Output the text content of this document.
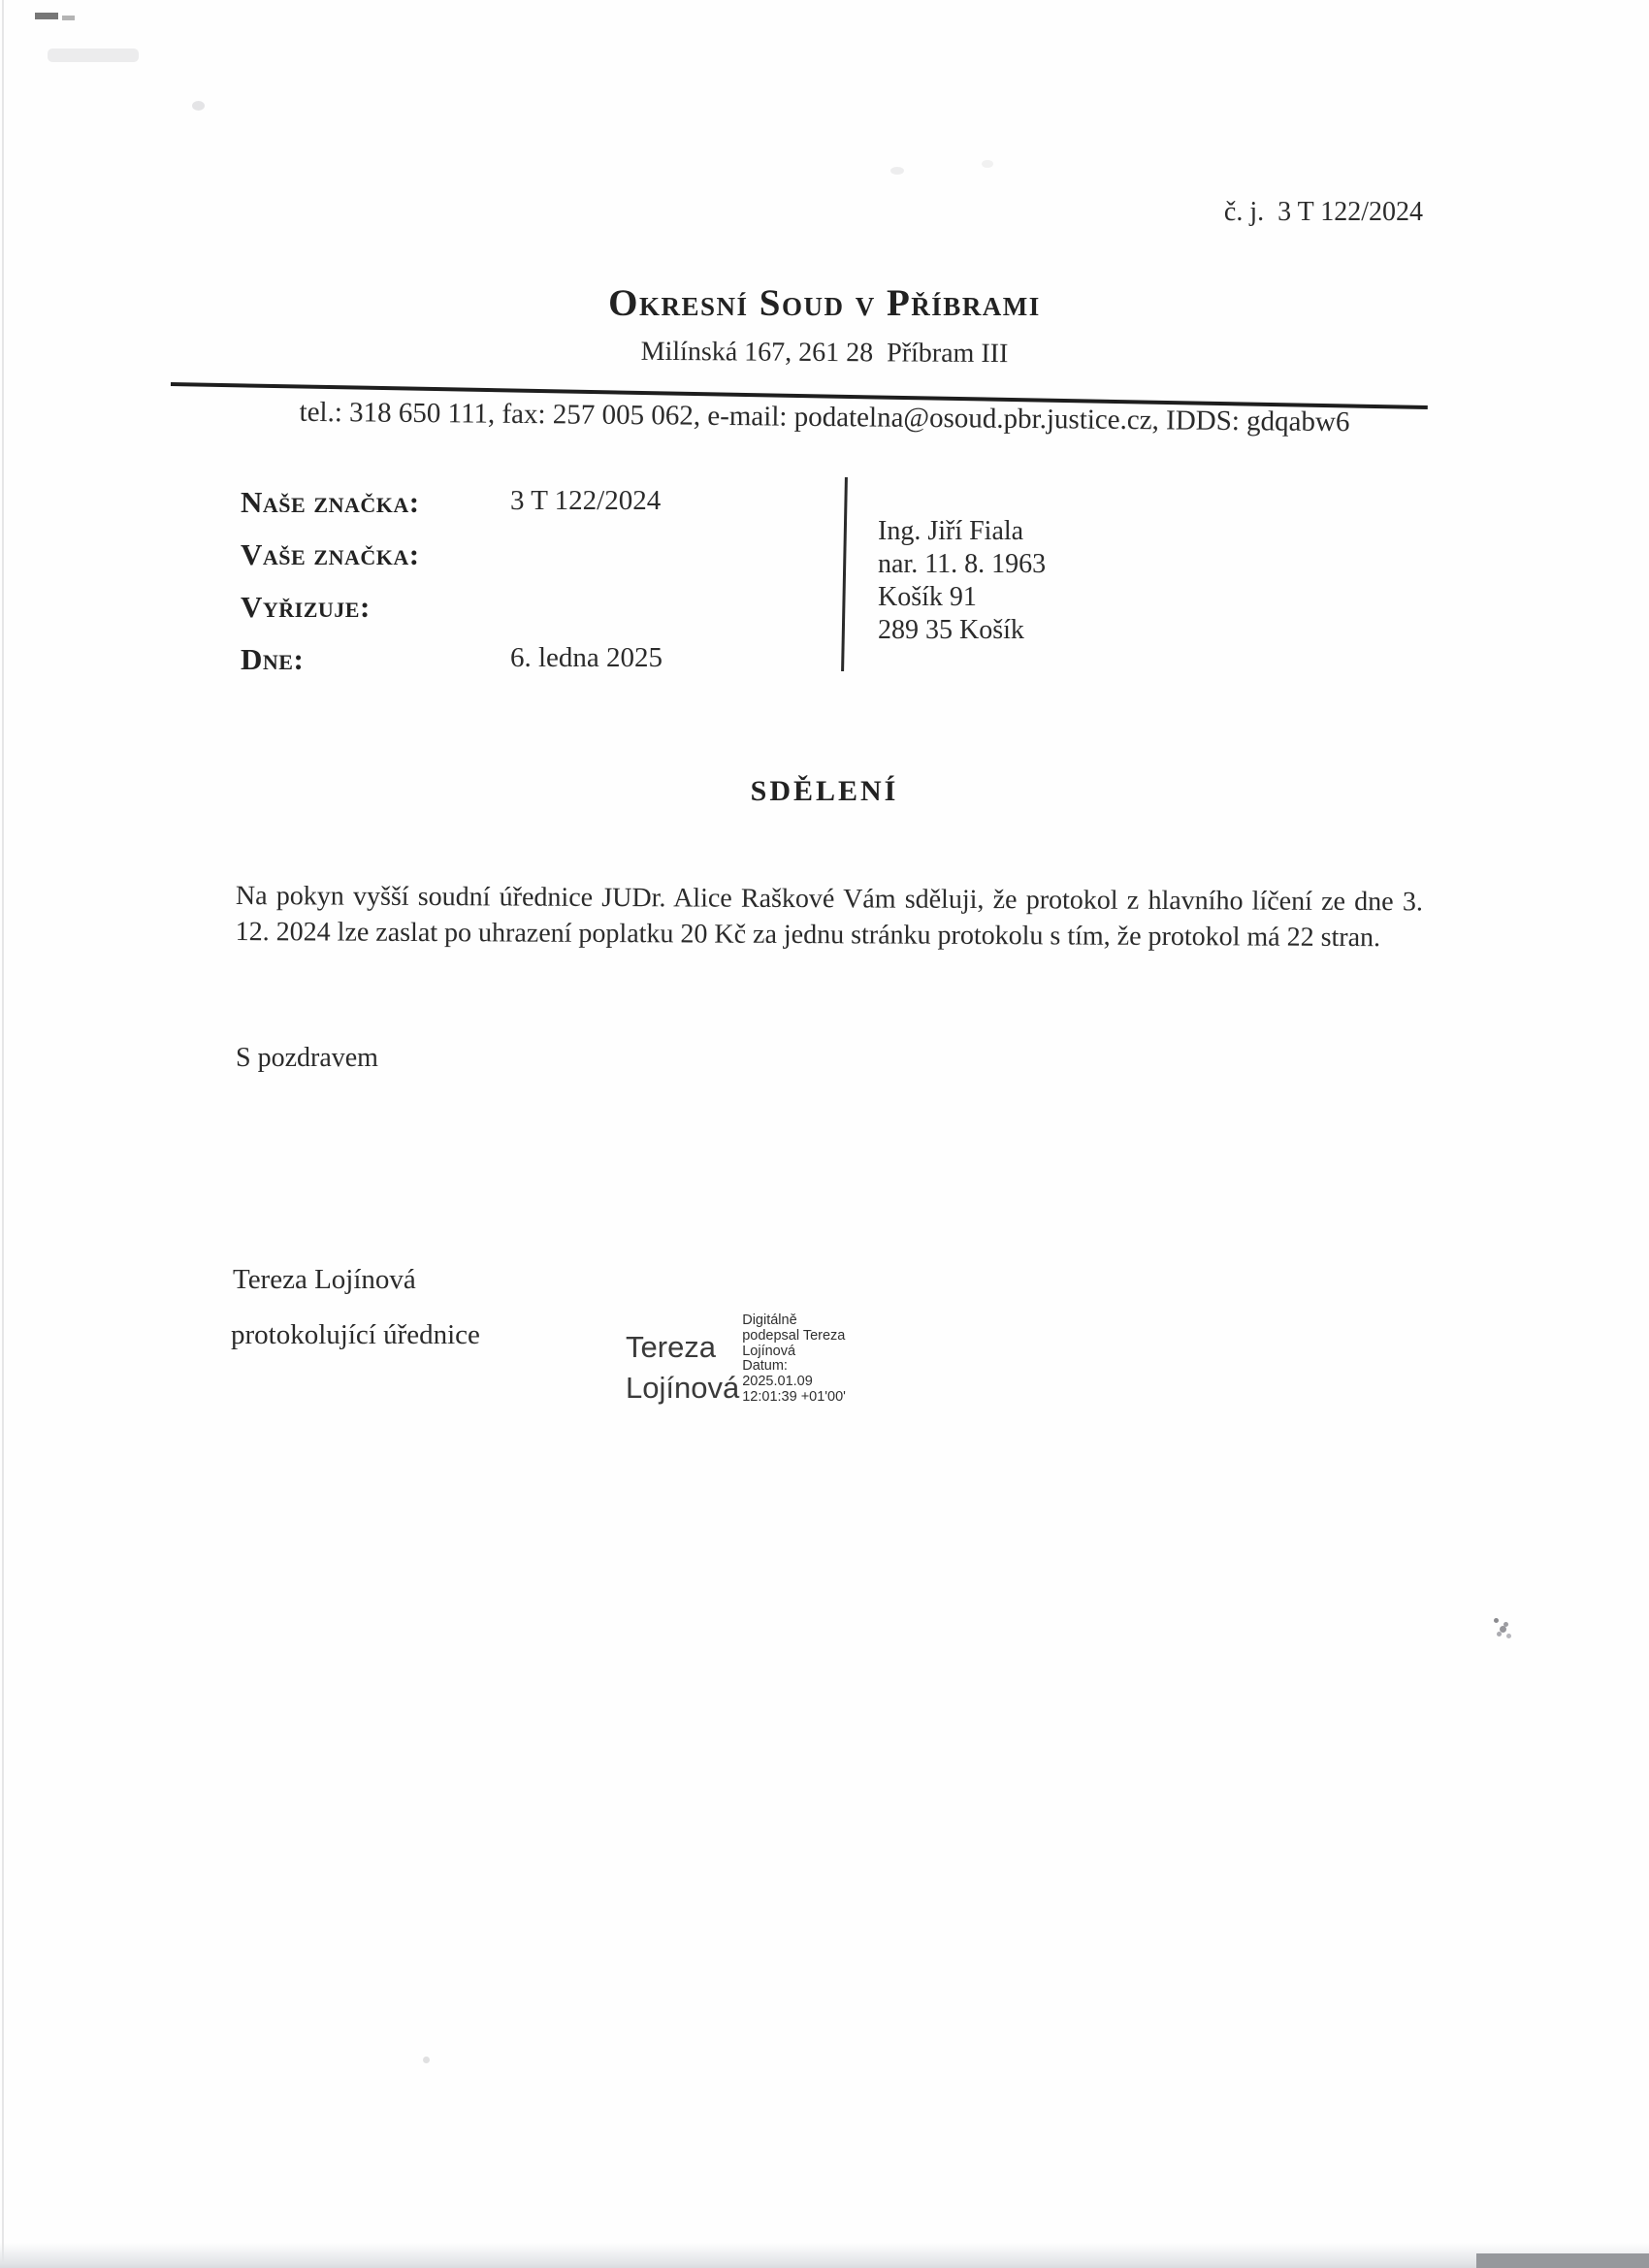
č. j.  3 T 122/2024
Okresní Soud v Příbrami
Milínská 167, 261 28  Příbram III
tel.: 318 650 111, fax: 257 005 062, e-mail: podatelna@osoud.pbr.justice.cz, IDDS: gdqabw6
Naše značka:	3 T 122/2024
Vaše značka:
Vyřizuje:
Dne:	6. ledna 2025
Ing. Jiří Fiala
nar. 11. 8. 1963
Košík 91
289 35 Košík
SDĚLENÍ

Na pokyn vyšší soudní úřednice JUDr. Alice Raškové Vám sděluji, že protokol z hlavního líčení ze dne 3. 12. 2024 lze zaslat po uhrazení poplatku 20 Kč za jednu stránku protokolu s tím, že protokol má 22 stran.

S pozdravem
Tereza Lojínová
protokolující úřednice	Tereza
Lojínová
Digitálně
podepsal Tereza
Lojínová
Datum:
2025.01.09
12:01:39 +01'00'
